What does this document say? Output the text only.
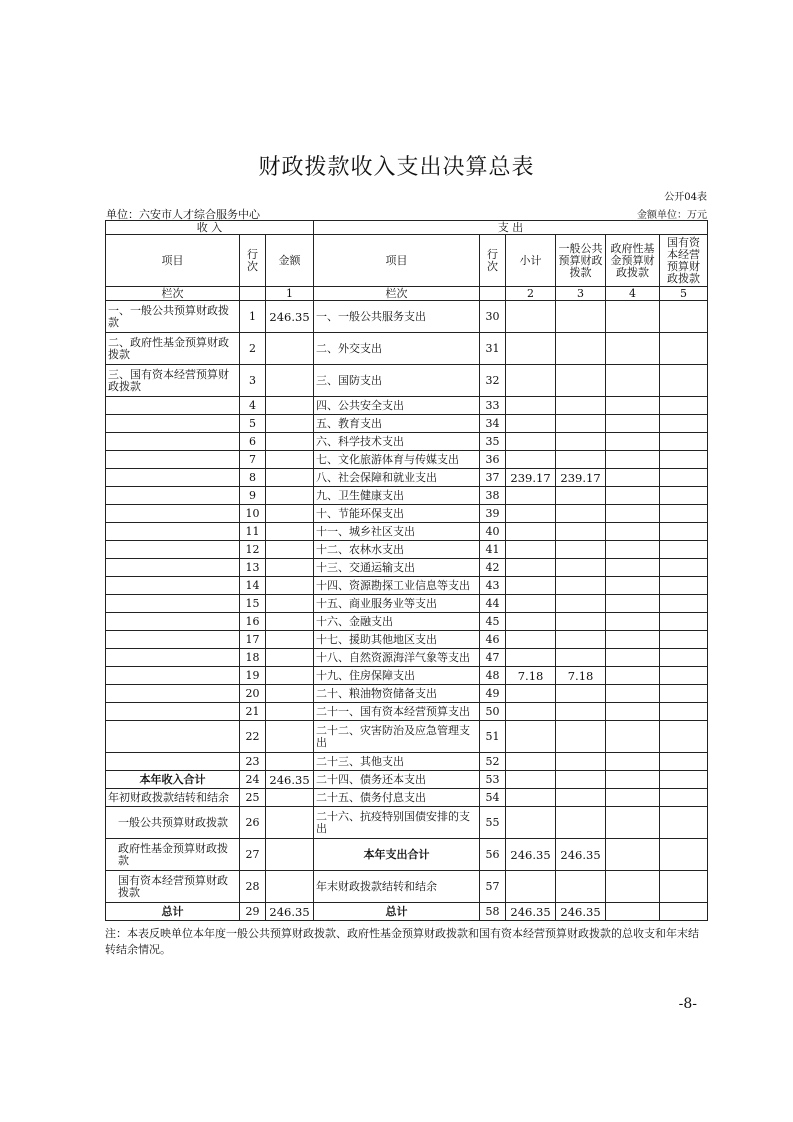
财政拨款收入支出决算总表
公开04表
单位：六安市人才综合服务中心	金额单位：万元
收 入			支 出					
项目	行次	金额	项目	行次	小计	一般公共预算财政拨款	政府性基金预算财政拨款	国有资本经营预算财政拨款
栏次		1	栏次		2	3	4	5
一、一般公共预算财政拨款	1	246.35	一、一般公共服务支出	30				
二、政府性基金预算财政拨款	2		二、外交支出	31				
三、国有资本经营预算财政拨款	3		三、国防支出	32				
	4		四、公共安全支出	33				
	5		五、教育支出	34				
	6		六、科学技术支出	35				
	7		七、文化旅游体育与传媒支出	36				
	8		八、社会保障和就业支出	37	239.17	239.17		
	9		九、卫生健康支出	38				
	10		十、节能环保支出	39				
	11		十一、城乡社区支出	40				
	12		十二、农林水支出	41				
	13		十三、交通运输支出	42				
	14		十四、资源勘探工业信息等支出	43				
	15		十五、商业服务业等支出	44				
	16		十六、金融支出	45				
	17		十七、援助其他地区支出	46				
	18		十八、自然资源海洋气象等支出	47				
	19		十九、住房保障支出	48	7.18	7.18		
	20		二十、粮油物资储备支出	49				
	21		二十一、国有资本经营预算支出	50				
	22		二十二、灾害防治及应急管理支出	51				
	23		二十三、其他支出	52				
本年收入合计	24	246.35	二十四、债务还本支出	53				
年初财政拨款结转和结余	25		二十五、债务付息支出	54				
一般公共预算财政拨款	26		二十六、抗疫特别国债安排的支出	55				
政府性基金预算财政拨款	27		本年支出合计	56	246.35	246.35		
国有资本经营预算财政拨款	28		年末财政拨款结转和结余	57				
总计	29	246.35	总计	58	246.35	246.35		
注：本表反映单位本年度一般公共预算财政拨款、政府性基金预算财政拨款和国有资本经营预算财政拨款的总收支和年末结转结余情况。
-8-
